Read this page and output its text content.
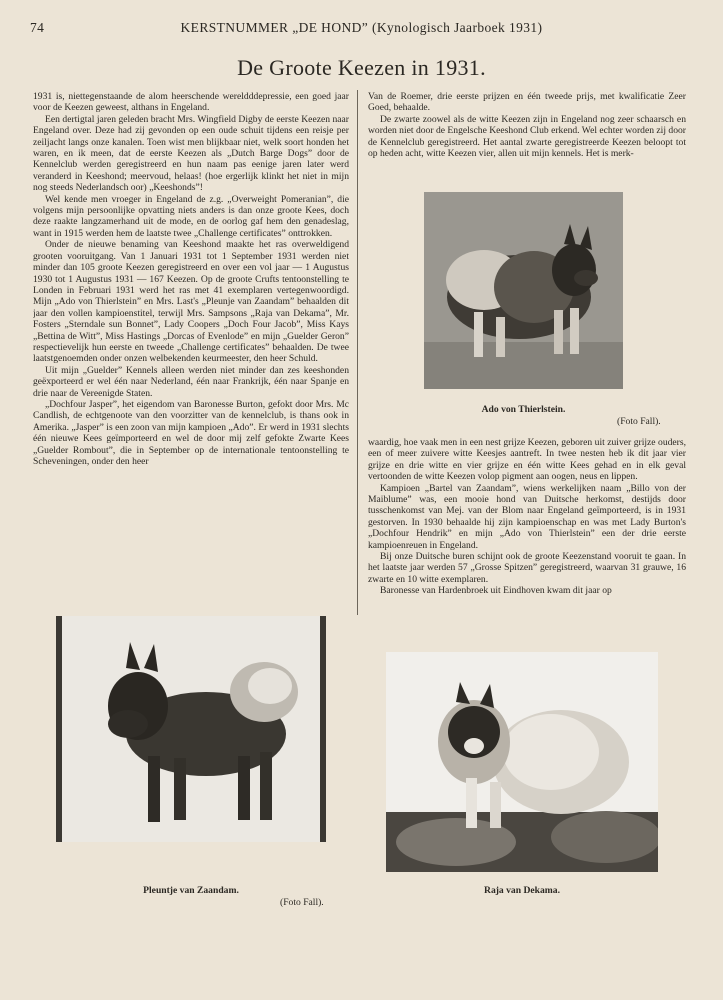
74	KERSTNUMMER „DE HOND” (Kynologisch Jaarboek 1931)
De Groote Keezen in 1931.

1931 is, niettegenstaande de alom heerschende wereldddepressie, een goed jaar voor de Keezen geweest, althans in Engeland.

Een dertigtal jaren geleden bracht Mrs. Wingfield Digby de eerste Keezen naar Engeland over. Deze had zij gevonden op een oude schuit tijdens een reisje per zeiljacht langs onze kanalen. Toen wist men blijkbaar niet, welk soort honden het waren, en ik meen, dat de eerste Keezen als „Dutch Barge Dogs” door de Kennelclub werden geregistreerd en hun naam pas eenige jaren later werd veranderd in Keeshond; meervoud, helaas! (hoe ergerlijk klinkt het niet in mijn nog steeds Nederlandsch oor) „Keeshonds”!

Wel kende men vroeger in Engeland de z.g. „Overweight Pomeranian”, die volgens mijn persoonlijke opvatting niets anders is dan onze groote Kees, doch deze raakte langzamerhand uit de mode, en de oorlog gaf hem den genadeslag, want in 1915 werden hem de laatste twee „Challenge certificates” onttrokken.

Onder de nieuwe benaming van Keeshond maakte het ras overweldigend grooten vooruitgang. Van 1 Januari 1931 tot 1 September 1931 werden niet minder dan 105 groote Keezen geregistreerd en over een vol jaar — 1 Augustus 1930 tot 1 Augustus 1931 — 167 Keezen. Op de groote Crufts tentoonstelling te Londen in Februari 1931 werd het ras met 41 exemplaren vertegenwoordigd. Mijn „Ado von Thierlstein” en Mrs. Last's „Pleunje van Zaandam” behaalden dit jaar den vollen kampioenstitel, terwijl Mrs. Sampsons „Raja van Dekama”, Mr. Fosters „Sterndale sun Bonnet”, Lady Coopers „Doch Four Jacob”, Miss Kays „Bettina de Witt”, Miss Hastings „Dorcas of Evenlode” en mijn „Guelder Geron” respectievelijk hun eerste en tweede „Challenge certificates” behaalden. De twee laatstgenoemden onder onzen welbekenden keurmeester, den heer Schuld.

Uit mijn „Guelder” Kennels alleen werden niet minder dan zes keeshonden geëxporteerd er wel één naar Nederland, één naar Frankrijk, één naar Spanje en drie naar de Vereenigde Staten.

„Dochfour Jasper”, het eigendom van Baronesse Burton, gefokt door Mrs. Mc Candlish, de echtgenoote van den voorzitter van de kennelclub, is thans ook in Amerika. „Jasper” is een zoon van mijn kampioen „Ado”. Er werd in 1931 slechts één nieuwe Kees geïmporteerd en wel de door mij zelf gefokte Zwarte Kees „Guelder Rombout”, die in September op de internationale tentoonstelling te Scheveningen, onder den heer

Van de Roemer, drie eerste prijzen en één tweede prijs, met kwalificatie Zeer Goed, behaalde.

De zwarte zoowel als de witte Keezen zijn in Engeland nog zeer schaarsch en worden niet door de Engelsche Keeshond Club erkend. Wel echter worden zij door de Kennelclub geregistreerd. Het aantal zwarte geregistreerde Keezen beloopt tot op heden acht, witte Keezen vier, allen uit mijn kennels. Het is merk-

Ado von Thierlstein.
(Foto Fall).

waardig, hoe vaak men in een nest grijze Keezen, geboren uit zuiver grijze ouders, een of meer zuivere witte Keesjes aantreft. In twee nesten heb ik dit jaar vier grijze en drie witte en vier grijze en één witte Kees gehad en in elk geval vertoonden de witte Keezen volop pigment aan oogen, neus en lippen.

Kampioen „Bartel van Zaandam”, wiens werkelijken naam „Billo von der Maiblume” was, een mooie hond van Duitsche herkomst, destijds door tusschenkomst van Mej. van der Blom naar Engeland geïmporteerd, is in 1931 gestorven. In 1930 behaalde hij zijn kampioenschap en was met Lady Burton's „Dochfour Hendrik” en mijn „Ado von Thierlstein” een der drie eerste kampioenreuen in Engeland.

Bij onze Duitsche buren schijnt ook de groote Keezenstand vooruit te gaan. In het laatste jaar werden 57 „Grosse Spitzen” geregistreerd, waarvan 31 grauwe, 16 zwarte en 10 witte exemplaren.

Baronesse van Hardenbroek uit Eindhoven kwam dit jaar op

Pleuntje van Zaandam.
(Foto Fall).
Raja van Dekama.
